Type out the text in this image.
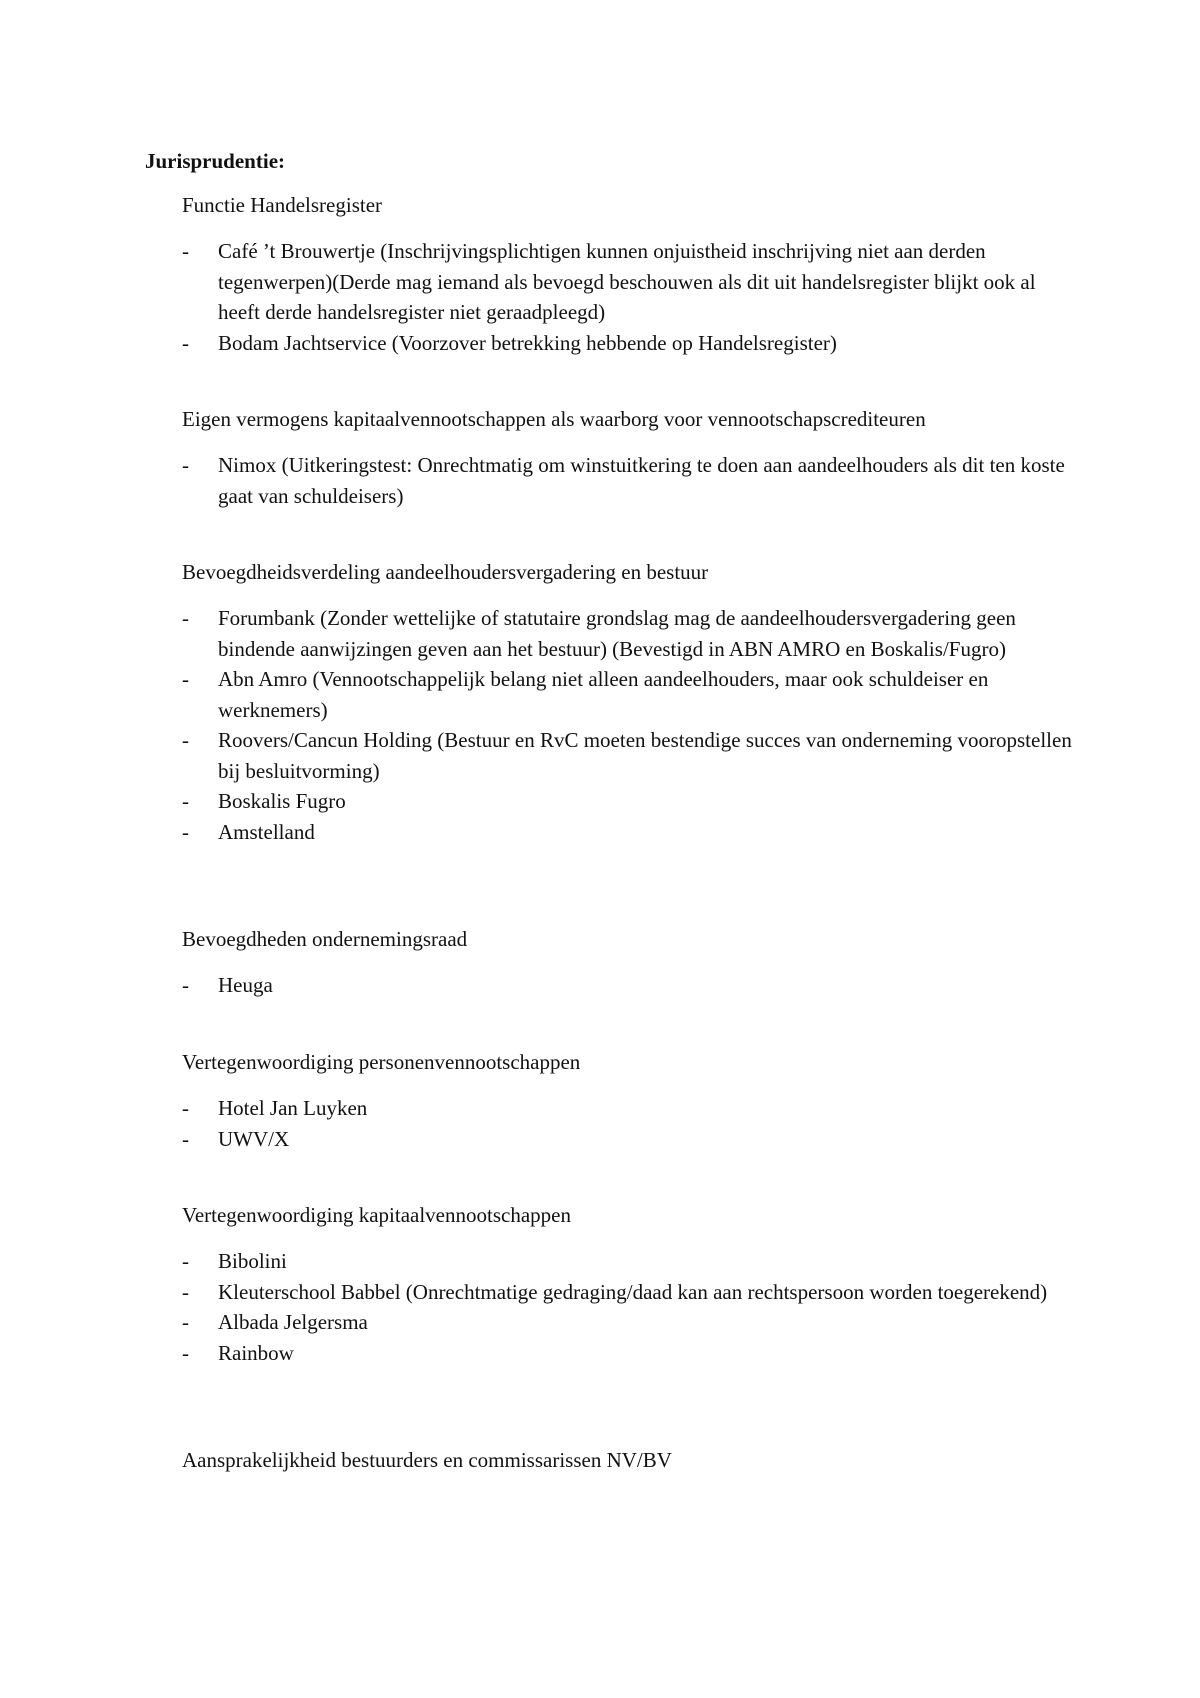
Jurisprudentie:
Functie Handelsregister
- Café ’t Brouwertje (Inschrijvingsplichtigen kunnen onjuistheid inschrijving niet aan derden tegenwerpen)(Derde mag iemand als bevoegd beschouwen als dit uit handelsregister blijkt ook al heeft derde handelsregister niet geraadpleegd)
- Bodam Jachtservice (Voorzover betrekking hebbende op Handelsregister)
Eigen vermogens kapitaalvennootschappen als waarborg voor vennootschapscrediteuren
- Nimox (Uitkeringstest: Onrechtmatig om winstuitkering te doen aan aandeelhouders als dit ten koste gaat van schuldeisers)
Bevoegdheidsverdeling aandeelhoudersvergadering en bestuur
- Forumbank (Zonder wettelijke of statutaire grondslag mag de aandeelhoudersvergadering geen bindende aanwijzingen geven aan het bestuur) (Bevestigd in ABN AMRO en Boskalis/Fugro)
- Abn Amro (Vennootschappelijk belang niet alleen aandeelhouders, maar ook schuldeiser en werknemers)
- Roovers/Cancun Holding (Bestuur en RvC moeten bestendige succes van onderneming vooropstellen bij besluitvorming)
- Boskalis Fugro
- Amstelland
Bevoegdheden ondernemingsraad
- Heuga
Vertegenwoordiging personenvennootschappen
- Hotel Jan Luyken
- UWV/X
Vertegenwoordiging kapitaalvennootschappen
- Bibolini
- Kleuterschool Babbel (Onrechtmatige gedraging/daad kan aan rechtspersoon worden toegerekend)
- Albada Jelgersma
- Rainbow
Aansprakelijkheid bestuurders en commissarissen NV/BV
